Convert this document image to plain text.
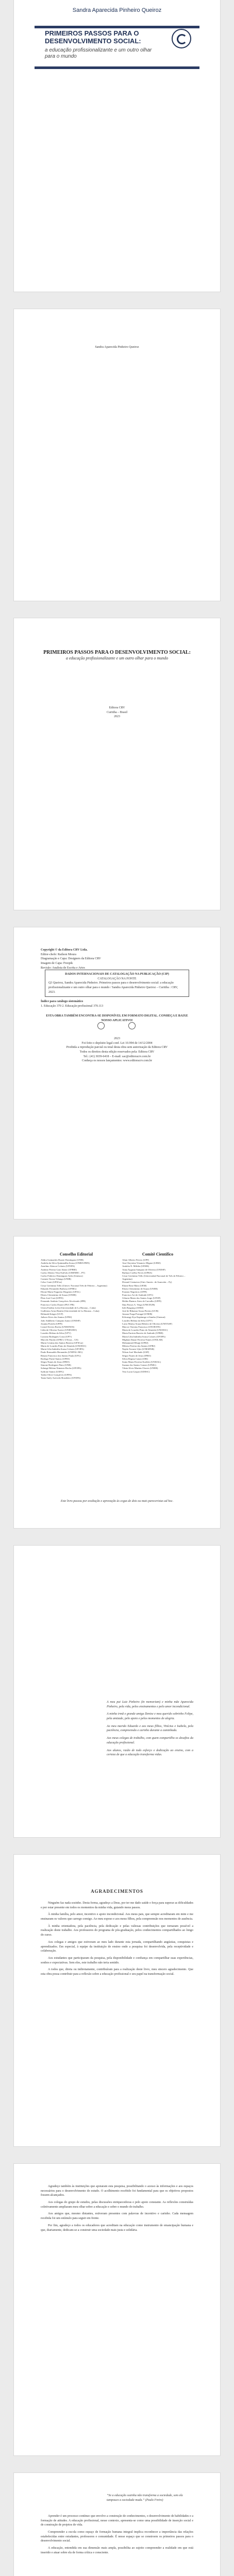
Sandra Aparecida Pinheiro Queiroz
PRIMEIROS PASSOS PARA O DESENVOLVIMENTO SOCIAL:
a educação profissionalizante e um outro olhar para o mundo
Sandra Aparecida Pinheiro Queiroz
PRIMEIROS PASSOS PARA O DESENVOLVIMENTO SOCIAL:
a educação profissionalizante e um outro olhar para o mundo
Editora CRV
Curitiba – Brasil
2023
Copyright © da Editora CRV Ltda.
Editor-chefe: Railson Moura
Diagramação e Capa: Designers da Editora CRV
Imagem de Capa: Freepik
Revisão: Analista de Escrita e Artes
DADOS INTERNACIONAIS DE CATALOGAÇÃO NA PUBLICAÇÃO (CIP)
CATALOGAÇÃO NA FONTE
Q3 Queiroz, Sandra Aparecida Pinheiro. Primeiros passos para o desenvolvimento social: a educação profissionalizante e um outro olhar para o mundo / Sandra Aparecida Pinheiro Queiroz – Curitiba : CRV, 2023.
Índice para catálogo sistemático
1. Educação 370 2. Educação profissional 370.113
ESTA OBRA TAMBÉM ENCONTRA-SE DISPONÍVEL EM FORMATO DIGITAL. CONHEÇA E BAIXE NOSSO APLICATIVO!
2023
Foi feito o depósito legal conf. Lei 10.994 de 14/12/2004
Proibida a reprodução parcial ou total desta obra sem autorização da Editora CRV
Todos os direitos desta edição reservados pela: Editora CRV
Tel.: (41) 3039-6418 – E-mail: sac@editoracrv.com.br
Conheça os nossos lançamentos: www.editoracrv.com.br
Conselho Editorial
Aldira Guimarães Duarte Domínguez (UNB)
Andréia da Silva Quintanilha Sousa (UNIR/UFRN)
Anselmo Alencar Colares (UFOPA)
Antônio Pereira Gaio Júnior (UFRRJ)
Carlos Alberto Vilar Estêvão (UMINHO – PT)
Carlos Federico Dominguez Avila (Unieuro)
Carmen Tereza Velanga (UNIR)
Celso Conti (UFSCar)
Cesar Gerónimo Tello (Univer. Nacional Três de Febrero – Argentina)
Eduardo Fernandes Barbosa (UFMG)
Elione Maria Nogueira Diogenes (UFAL)
Elizeu Clementino de Souza (UNEB)
Élsio José Corá (UFFS)
Fernando Antônio Gonçalves Alcoforado (IPB)
Francisco Carlos Duarte (PUC-PR)
Gloria Fariñas León (Universidade de La Havana – Cuba)
Guillermo Arias Beatón (Universidade de La Havana – Cuba)
Helmuth Krüger (UCP)
Jailson Alves dos Santos (UFRJ)
João Adalberto Campato Junior (UNESP)
Josania Portela (UFPI)
Leonel Severo Rocha (UNISINOS)
Lídia de Oliveira Xavier (UNIEURO)
Lourdes Helena da Silva (UFV)
Luciano Rodrigues Costa (UFV)
Marcelo Paixão (UFRJ e UTexas – US)
Maria Cristina dos Santos Bezerra (UFSCar)
Maria de Lourdes Pinto de Almeida (UNOESC)
Maria Lília Imbiriba Sousa Colares (UFOPA)
Paulo Romualdo Hernandes (UNIFAL-MG)
Renato Francisco dos Santos Paula (UFG)
Rodrigo Pratte-Santos (UFES)
Sérgio Nunes de Jesus (IFRO)
Simone Rodrigues Pinto (UNB)
Solange Helena Ximenes-Rocha (UFOPA)
Sydione Santos (UEPG)
Tadeu Oliver Gonçalves (UFPA)
Tania Suely Azevedo Brasileiro (UFOPA)
Comitê Científico
Altair Alberto Fávero (UPF)
Ana Chrystina Venancio Mignot (UERJ)
Andréia N. Militão (UEMS)
Anna Augusta Sampaio de Oliveira (UNESP)
Barbara Coelho Neves (UFBA)
Cesar Gerónimo Tello (Universidad Nacional de Três de Febrero – Argentina)
Diosnel Centurion (Univ Americ. de Asunción – Py)
Eliane Rose Maio (UEM)
Elizeu Clementino de Souza (UNEB)
Fauston Negreiros (UFPI)
Francisco Ari de Andrade (UFC)
Gláucia Maria dos Santos Jorge (UFOP)
Helder Buenos Aires de Carvalho (UFPI)
Ilma Passos A. Veiga (UNICEUB)
Inês Bragança (UERJ)
José de Ribamar Sousa Pereira (UCB)
Jussara Fraga Portugal (UNEB)
Kilwangy Kya Kapitango-a-Samba (Unemat)
Lourdes Helena da Silva (UFV)
Lucia Marisy Souza Ribeiro de Oliveira (UNIVASF)
Marcos Vinicius Francisco (UNOESTE)
Maria de Lourdes Pinto de Almeida (UNOESC)
Maria Eurácia Barreto de Andrade (UFRB)
Maria Lília Imbiriba Sousa Colares (UFOPA)
Míghian Danae Ferreira Nunes (UNILAB)
Mohammed Elhajji (UFRJ)
Mônica Pereira dos Santos (UFRJ)
Najela Tavares Ujiie (UNESPAR)
Nilson José Machado (USP)
Sérgio Nunes de Jesus (IFRO)
Silvia Regina Canan (URI)
Sonia Maria Ferreira Koehler (UNISAL)
Suzana dos Santos Gomes (UFMG)
Vânia Alves Martins Chaves (UNEB)
Vera Lucia Gaspar (UDESC)
Este livro passou por avaliação e aprovação às cegas de dois ou mais pareceristas ad hoc.

A meu pai Luiz Pinheiro (In memoriam) e minha mãe Aparecida Pinheiro, pela vida, pelos ensinamentos e pelo amor incondicional.

A minha irmã e grande amiga Denise e meu querido sobrinho Felipe, pela amizade, pelo apoio e pelos momentos de alegria.

Ao meu marido Eduardo e aos meus filhos, Vinícius e Isabela, pela paciência, compreensão e carinho durante a caminhada.

Aos meus colegas de trabalho, com quem compartilho os desafios da educação profissional.

Aos alunos, razão de todo esforço e dedicação ao ensino, com a certeza de que a educação transforma vidas.

AGRADECIMENTOS

Ninguém faz nada sozinho. Desta forma, agradeço a Deus, por ter me dado saúde e força para superar as dificuldades e por estar presente em todos os momentos da minha vida, guiando meus passos.

À minha família, pelo amor, incentivo e apoio incondicional. Aos meus pais, que sempre acreditaram em mim e me ensinaram os valores que carrego comigo. Ao meu esposo e aos meus filhos, pela compreensão nos momentos de ausência.

À minha orientadora, pela paciência, pela dedicação e pelas valiosas contribuições que tornaram possível a realização deste trabalho. Aos professores do programa de pós-graduação, pelos conhecimentos compartilhados ao longo do curso.

Aos colegas e amigos que estiveram ao meu lado durante esta jornada, compartilhando angústias, conquistas e aprendizados. Em especial, à equipe da instituição de ensino onde a pesquisa foi desenvolvida, pela receptividade e colaboração.

Aos estudantes que participaram da pesquisa, pela disponibilidade e confiança em compartilhar suas experiências, sonhos e expectativas. Sem eles, este trabalho não teria sentido.

A todos que, direta ou indiretamente, contribuíram para a realização deste livro, meu sincero agradecimento. Que esta obra possa contribuir para a reflexão sobre a educação profissional e seu papel na transformação social.

Agradeço também às instituições que apoiaram esta pesquisa, possibilitando o acesso às informações e aos espaços necessários para o desenvolvimento do estudo. O acolhimento recebido foi fundamental para que os objetivos propostos fossem alcançados.

Aos colegas do grupo de estudos, pelas discussões enriquecedoras e pelo apoio constante. As reflexões construídas coletivamente ampliaram meu olhar sobre a educação e sobre o mundo do trabalho.

Aos amigos que, mesmo distantes, estiveram presentes com palavras de incentivo e carinho. Cada mensagem recebida foi um estímulo para seguir em frente.

Por fim, agradeço a todos os educadores que acreditam na educação como instrumento de emancipação humana e que, diariamente, dedicam-se a construir uma sociedade mais justa e solidária.

“Se a educação sozinha não transforma a sociedade, sem ela tampouco a sociedade muda.” (Paulo Freire)

Aprender é um processo contínuo que envolve a construção de conhecimentos, o desenvolvimento de habilidades e a formação de atitudes. A educação profissional, nesse contexto, apresenta-se como uma possibilidade de inserção social e de construção de projetos de vida.

Compreender a escola como espaço de formação humana integral implica reconhecer a importância das relações estabelecidas entre estudantes, professores e comunidade. É nesse espaço que se constroem os primeiros passos para o desenvolvimento social.

A educação, entendida em sua dimensão mais ampla, possibilita ao sujeito compreender a realidade em que está inserido e atuar sobre ela de forma crítica e consciente.
